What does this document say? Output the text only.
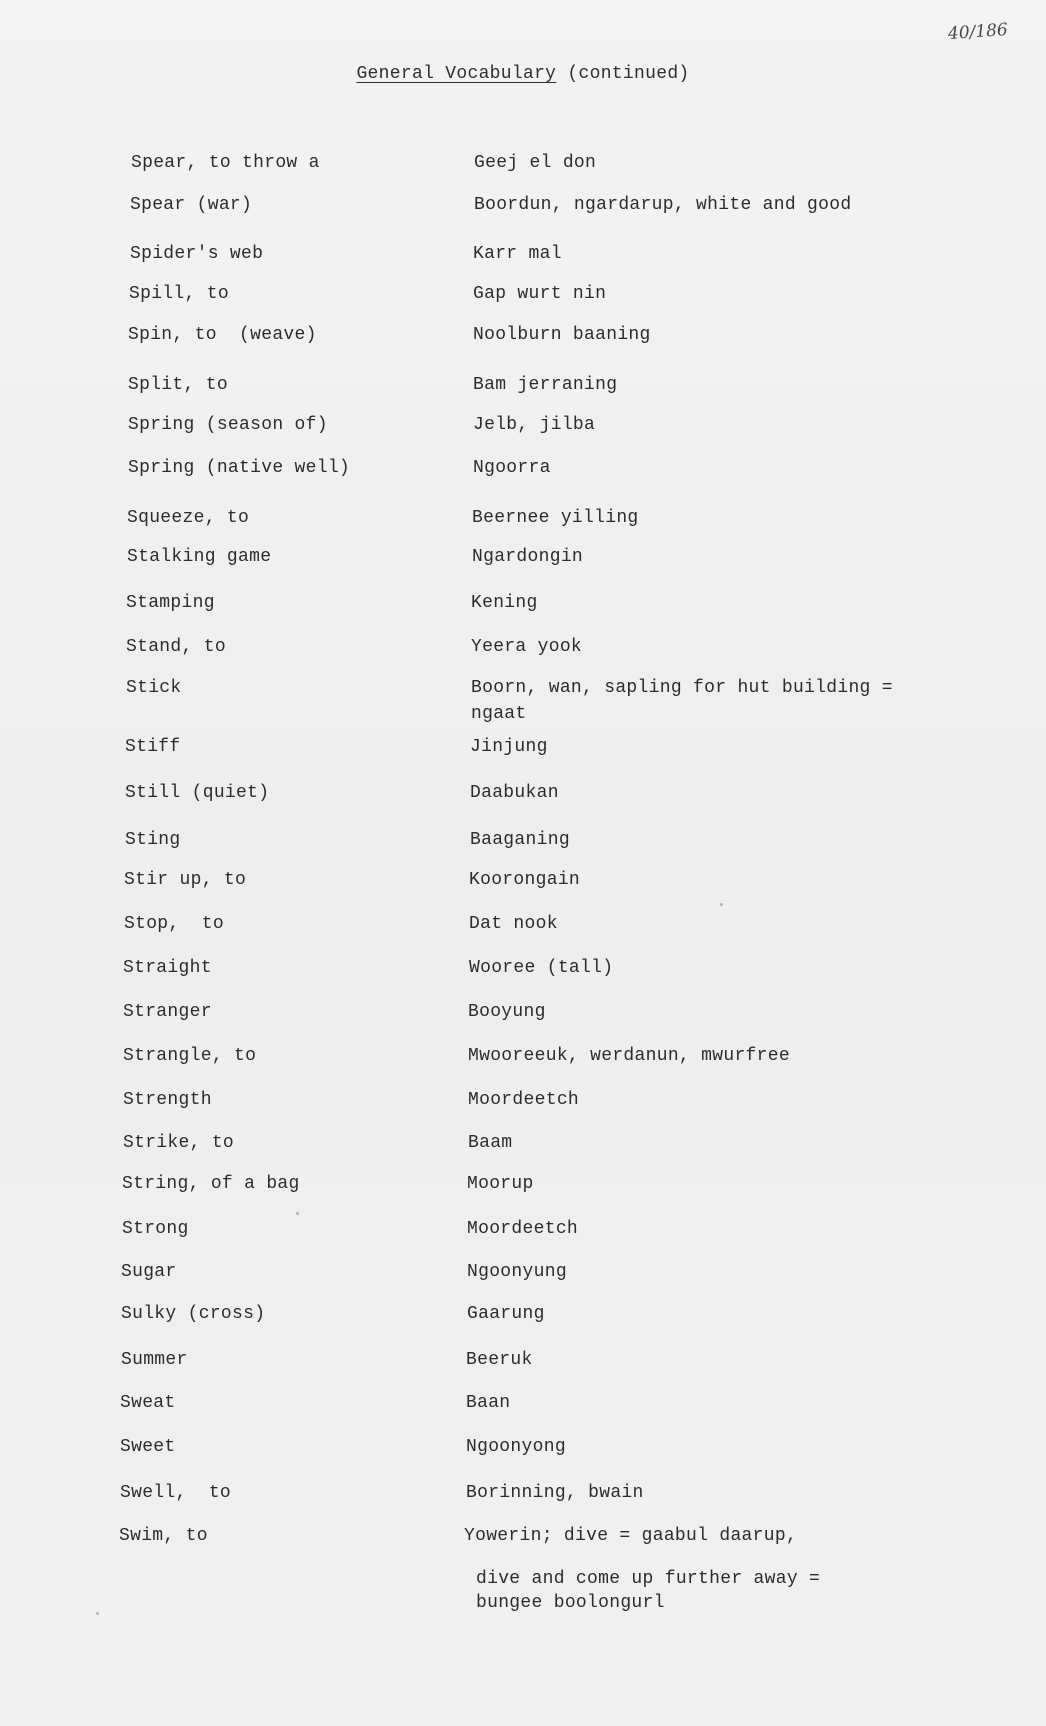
40/186
General Vocabulary (continued)
Spear, to throw a	Geej el don
Spear (war)	Boordun, ngardarup, white and good
Spider's web	Karr mal
Spill, to	Gap wurt nin
Spin, to  (weave)	Noolburn baaning
Split, to	Bam jerraning
Spring (season of)	Jelb, jilba
Spring (native well)	Ngoorra
Squeeze, to	Beernee yilling
Stalking game	Ngardongin
Stamping	Kening
Stand, to	Yeera yook
Stick	Boorn, wan, sapling for hut building =
ngaat
Stiff	Jinjung
Still (quiet)	Daabukan
Sting	Baaganing
Stir up, to	Koorongain
Stop,  to	Dat nook
Straight	Wooree (tall)
Stranger	Booyung
Strangle, to	Mwooreeuk, werdanun, mwurfree
Strength	Moordeetch
Strike, to	Baam
String, of a bag	Moorup
Strong	Moordeetch
Sugar	Ngoonyung
Sulky (cross)	Gaarung
Summer	Beeruk
Sweat	Baan
Sweet	Ngoonyong
Swell,  to	Borinning, bwain
Swim, to	Yowerin; dive = gaabul daarup,
dive and come up further away =
bungee boolongurl
